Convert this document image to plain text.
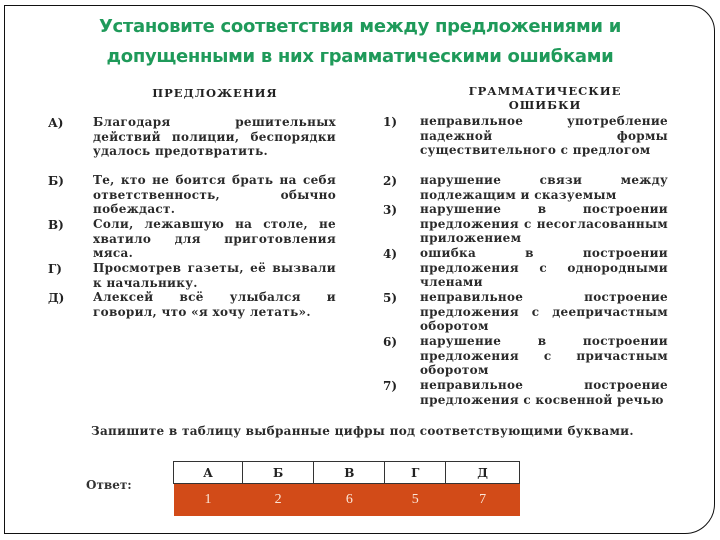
Установите соответствия между предложениями и
допущенными в них грамматическими ошибками
ПРЕДЛОЖЕНИЯ	ГРАММАТИЧЕСКИЕ
ОШИБКИ
А) Благодаря решительных действий полиции, беспорядки удалось предотвратить.
Б) Те, кто не боится брать на себя ответственность, обычно побеждаст.
В) Соли, лежавшую на столе, не хватило для приготовления мяса.
Г)	Просмотрев газеты, её вызвали к начальнику.
Д) Алексей всё улыбался и говорил, что «я хочу летать».
1) неправильное употребление падежной формы существительного с предлогом
2) нарушение связи между подлежащим и сказуемым
3) нарушение в построении предложения с несогласованным приложением
4) ошибка в построении предложения с однородными членами
5) неправильное построение предложения с деепричастным оборотом
6) нарушение в построении предложения с причастным оборотом
7) неправильное построение предложения с косвенной речью
Запишите в таблицу выбранные цифры под соответствующими буквами.
Ответ:
А	Б	В	Г	Д
1	2	6	5	7
